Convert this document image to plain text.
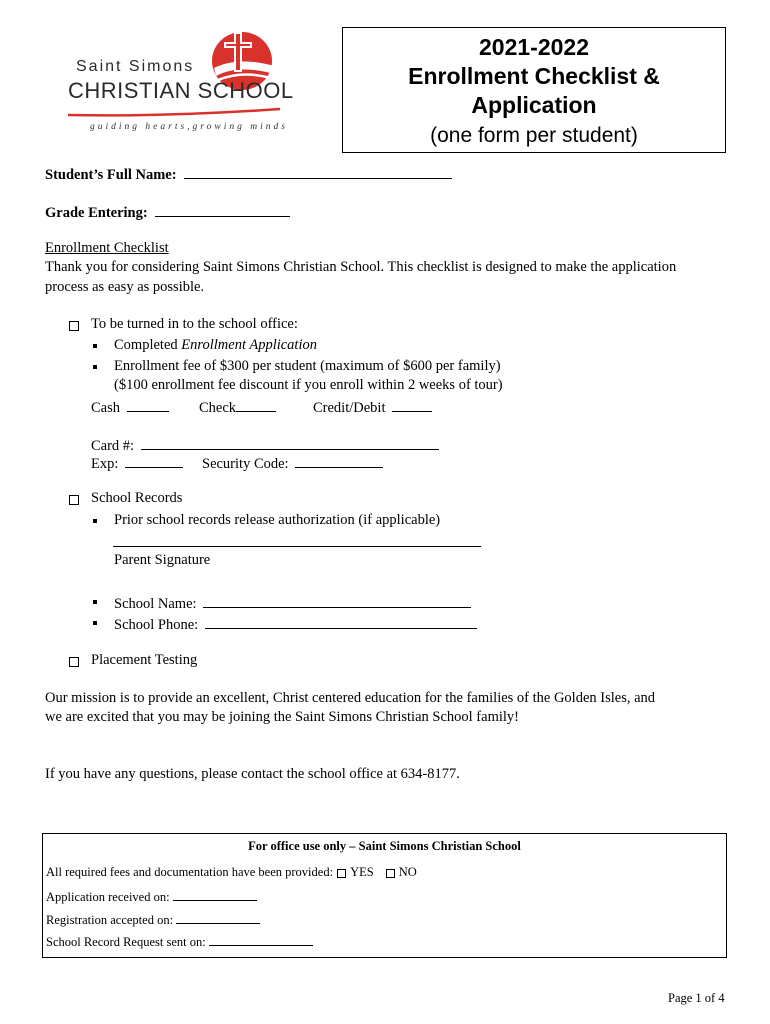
Saint Simons
CHRISTIAN SCHOOL
guiding hearts,growing minds
2021-2022
Enrollment Checklist &
Application
(one form per student)
Student’s Full Name:
Grade Entering:
Enrollment Checklist
Thank you for considering Saint Simons Christian School. This checklist is designed to make the application
process as easy as possible.
To be turned in to the school office:
Completed Enrollment Application
Enrollment fee of $300 per student (maximum of $600 per family)
($100 enrollment fee discount if you enroll within 2 weeks of tour)
Cash	Check	Credit/Debit
Card #:
Exp:	Security Code:
School Records
Prior school records release authorization (if applicable)
Parent Signature
School Name:
School Phone:
Placement Testing
Our mission is to provide an excellent, Christ centered education for the families of the Golden Isles, and
we are excited that you may be joining the Saint Simons Christian School family!
If you have any questions, please contact the school office at 634-8177.
For office use only – Saint Simons Christian School
All required fees and documentation have been provided: YES NO
Application received on:
Registration accepted on:
School Record Request sent on:
Page 1 of 4
